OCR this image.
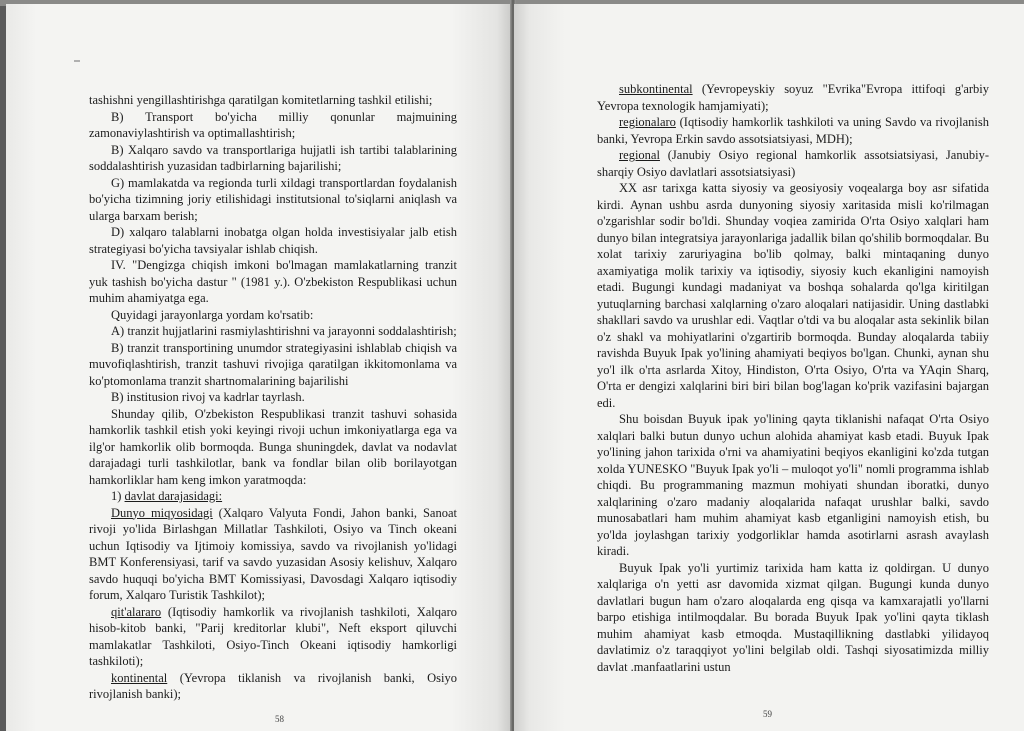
tashishni yengillashtirishga qaratilgan komitetlarning tashkil etilishi;

B) Transport bo'yicha milliy qonunlar majmuining zamonaviylashtirish va optimallashtirish;

B) Xalqaro savdo va transportlariga hujjatli ish tartibi talablarining soddalashtirish yuzasidan tadbirlarning bajarilishi;

G) mamlakatda va regionda turli xildagi transportlardan foydalanish bo'yicha tizimning joriy etilishidagi institutsional to'siqlarni aniqlash va ularga barxam berish;

D) xalqaro talablarni inobatga olgan holda investisiyalar jalb etish strategiyasi bo'yicha tavsiyalar ishlab chiqish.

IV. "Dengizga chiqish imkoni bo'lmagan mamlakatlarning tranzit yuk tashish bo'yicha dastur " (1981 y.). O'zbekiston Respublikasi uchun muhim ahamiyatga ega.

Quyidagi jarayonlarga yordam ko'rsatib:

A) tranzit hujjatlarini rasmiylashtirishni va jarayonni soddalashtirish;

B) tranzit transportining unumdor strategiyasini ishlablab chiqish va muvofiqlashtirish, tranzit tashuvi rivojiga qaratilgan ikkitomonlama va ko'ptomonlama tranzit shartnomalarining bajarilishi

B) institusion rivoj va kadrlar tayrlash.

Shunday qilib, O'zbekiston Respublikasi tranzit tashuvi sohasida hamkorlik tashkil etish yoki keyingi rivoji uchun imkoniyatlarga ega va ilg'or hamkorlik olib bormoqda. Bunga shuningdek, davlat va nodavlat darajadagi turli tashkilotlar, bank va fondlar bilan olib borilayotgan hamkorliklar ham keng imkon yaratmoqda:

1) davlat darajasidagi:

Dunyo miqyosidagi (Xalqaro Valyuta Fondi, Jahon banki, Sanoat rivoji yo'lida Birlashgan Millatlar Tashkiloti, Osiyo va Tinch okeani uchun Iqtisodiy va Ijtimoiy komissiya, savdo va rivojlanish yo'lidagi BMT Konferensiyasi, tarif va savdo yuzasidan Asosiy kelishuv, Xalqaro savdo huquqi bo'yicha BMT Komissiyasi, Davosdagi Xalqaro iqtisodiy forum, Xalqaro Turistik Tashkilot);

qit'alararo (Iqtisodiy hamkorlik va rivojlanish tashkiloti, Xalqaro hisob-kitob banki, "Parij kreditorlar klubi", Neft eksport qiluvchi mamlakatlar Tashkiloti, Osiyo-Tinch Okeani iqtisodiy hamkorligi tashkiloti);

kontinental (Yevropa tiklanish va rivojlanish banki, Osiyo rivojlanish banki);

58

subkontinental (Yevropeyskiy soyuz "Evrika"Evropa ittifoqi g'arbiy Yevropa texnologik hamjamiyati);

regionalaro (Iqtisodiy hamkorlik tashkiloti va uning Savdo va rivojlanish banki, Yevropa Erkin savdo assotsiatsiyasi, MDH);

regional (Janubiy Osiyo regional hamkorlik assotsiatsiyasi, Janubiy-sharqiy Osiyo davlatlari assotsiatsiyasi)

XX asr tarixga katta siyosiy va geosiyosiy voqealarga boy asr sifatida kirdi. Aynan ushbu asrda dunyoning siyosiy xaritasida misli ko'rilmagan o'zgarishlar sodir bo'ldi. Shunday voqiea zamirida O'rta Osiyo xalqlari ham dunyo bilan integratsiya jarayonlariga jadallik bilan qo'shilib bormoqdalar. Bu xolat tarixiy zaruriyagina bo'lib qolmay, balki mintaqaning dunyo axamiyatiga molik tarixiy va iqtisodiy, siyosiy kuch ekanligini namoyish etadi. Bugungi kundagi madaniyat va boshqa sohalarda qo'lga kiritilgan yutuqlarning barchasi xalqlarning o'zaro aloqalari natijasidir. Uning dastlabki shakllari savdo va urushlar edi. Vaqtlar o'tdi va bu aloqalar asta sekinlik bilan o'z shakl va mohiyatlarini o'zgartirib bormoqda. Bunday aloqalarda tabiiy ravishda Buyuk Ipak yo'lining ahamiyati beqiyos bo'lgan. Chunki, aynan shu yo'l ilk o'rta asrlarda Xitoy, Hindiston, O'rta Osiyo, O'rta va YAqin Sharq, O'rta er dengizi xalqlarini biri biri bilan bog'lagan ko'prik vazifasini bajargan edi.

Shu boisdan Buyuk ipak yo'lining qayta tiklanishi nafaqat O'rta Osiyo xalqlari balki butun dunyo uchun alohida ahamiyat kasb etadi. Buyuk Ipak yo'lining jahon tarixida o'rni va ahamiyatini beqiyos ekanligini ko'zda tutgan xolda YUNESKO "Buyuk Ipak yo'li – muloqot yo'li" nomli programma ishlab chiqdi. Bu programmaning mazmun mohiyati shundan iboratki, dunyo xalqlarining o'zaro madaniy aloqalarida nafaqat urushlar balki, savdo munosabatlari ham muhim ahamiyat kasb etganligini namoyish etish, bu yo'lda joylashgan tarixiy yodgorliklar hamda asotirlarni asrash avaylash kiradi.

Buyuk Ipak yo'li yurtimiz tarixida ham katta iz qoldirgan. U dunyo xalqlariga o'n yetti asr davomida xizmat qilgan. Bugungi kunda dunyo davlatlari bugun ham o'zaro aloqalarda eng qisqa va kamxarajatli yo'llarni barpo etishiga intilmoqdalar. Bu borada Buyuk Ipak yo'lini qayta tiklash muhim ahamiyat kasb etmoqda. Mustaqillikning dastlabki yilidayoq davlatimiz o'z taraqqiyot yo'lini belgilab oldi. Tashqi siyosatimizda milliy davlat .manfaatlarini ustun

59
